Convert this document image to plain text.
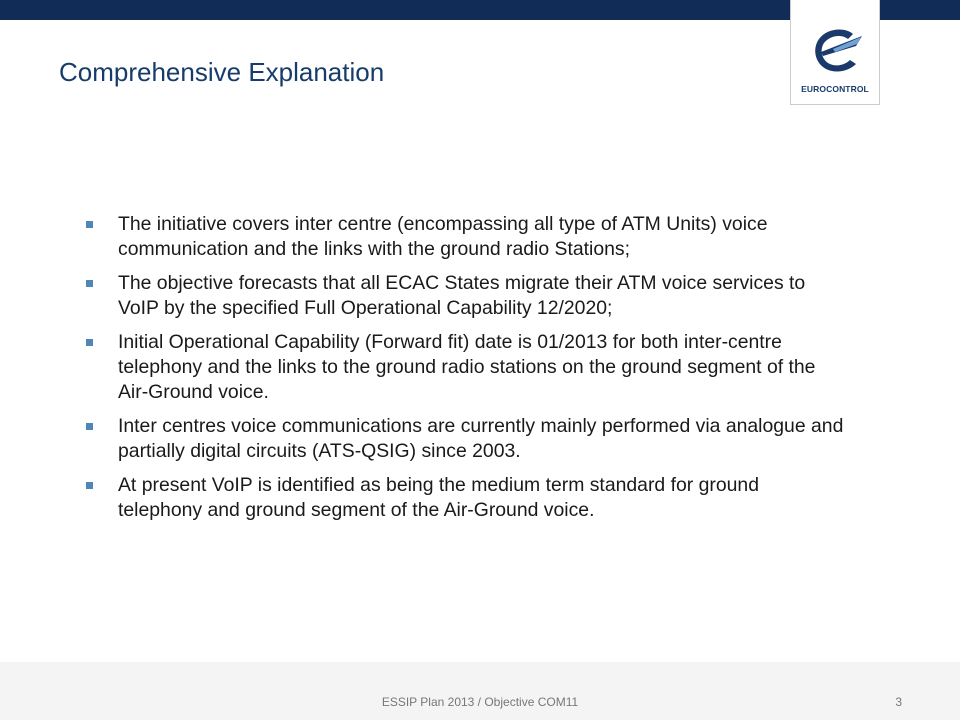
EUROCONTROL
Comprehensive Explanation
The initiative covers inter centre (encompassing all type of ATM Units) voice communication and the links with the ground radio Stations;
The objective forecasts that all ECAC States migrate their ATM voice services to VoIP by the specified Full Operational Capability 12/2020;
Initial Operational Capability (Forward fit) date is 01/2013 for both inter-centre telephony and the links to the ground radio stations on the ground segment of the Air-Ground voice.
Inter centres voice communications are currently mainly performed via analogue and partially digital circuits (ATS-QSIG) since 2003.
At present VoIP is identified as being the medium term standard for ground telephony and ground segment of the Air-Ground voice.
ESSIP Plan 2013 / Objective COM11	3
